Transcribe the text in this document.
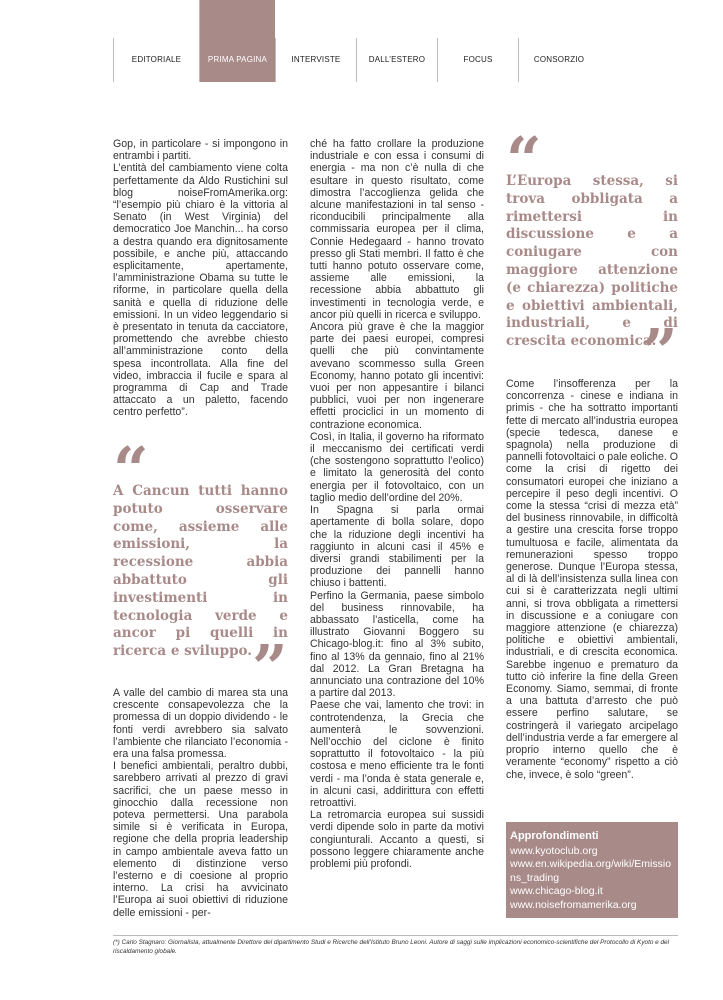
EDITORIALE	PRIMA PAGINA	INTERVISTE	DALL’ESTERO	FOCUS	CONSORZIO

Gop, in particolare - si impongono in entrambi i partiti.

L’entità del cambiamento viene colta perfettamente da Aldo Rustichini sul blog noiseFromAmerika.org: “l’esempio più chiaro è la vittoria al Senato (in West Virginia) del democratico Joe Manchin... ha corso a destra quando era dignitosamente possibile, e anche più, attaccando esplicitamente, apertamente, l’amministrazione Obama su tutte le riforme, in particolare quella della sanità e quella di riduzione delle emissioni. In un video leggendario si è presentato in tenuta da cacciatore, promettendo che avrebbe chiesto all’amministrazione conto della spesa incontrollata. Alla fine del video, imbraccia il fucile e spara al programma di Cap and Trade attaccato a un paletto, facendo centro perfetto”.

“
A Cancun tutti hanno potuto osservare come, assieme alle emissioni, la recessione abbia abbattuto gli investimenti in tecnologia verde e ancor pi quelli in ricerca e sviluppo. ”

A valle del cambio di marea sta una crescente consapevolezza che la promessa di un doppio dividendo - le fonti verdi avrebbero sia salvato l’ambiente che rilanciato l’economia - era una falsa promessa.

I benefici ambientali, peraltro dubbi, sarebbero arrivati al prezzo di gravi sacrifici, che un paese messo in ginocchio dalla recessione non poteva permettersi. Una parabola simile si è verificata in Europa, regione che della propria leadership in campo ambientale aveva fatto un elemento di distinzione verso l’esterno e di coesione al proprio interno. La crisi ha avvicinato l’Europa ai suoi obiettivi di riduzione delle emissioni - per-

ché ha fatto crollare la produzione industriale e con essa i consumi di energia - ma non c’è nulla di che esultare in questo risultato, come dimostra l’accoglienza gelida che alcune manifestazioni in tal senso - riconducibili principalmente alla commissaria europea per il clima, Connie Hedegaard - hanno trovato presso gli Stati membri. Il fatto è che tutti hanno potuto osservare come, assieme alle emissioni, la recessione abbia abbattuto gli investimenti in tecnologia verde, e ancor più quelli in ricerca e sviluppo.

Ancora più grave è che la maggior parte dei paesi europei, compresi quelli che più convintamente avevano scommesso sulla Green Economy, hanno potato gli incentivi: vuoi per non appesantire i bilanci pubblici, vuoi per non ingenerare effetti prociclici in un momento di contrazione economica.

Così, in Italia, il governo ha riformato il meccanismo dei certificati verdi (che sostengono soprattutto l’eolico) e limitato la generosità del conto energia per il fotovoltaico, con un taglio medio dell’ordine del 20%.

In Spagna si parla ormai apertamente di bolla solare, dopo che la riduzione degli incentivi ha raggiunto in alcuni casi il 45% e diversi grandi stabilimenti per la produzione dei pannelli hanno chiuso i battenti.

Perfino la Germania, paese simbolo del business rinnovabile, ha abbassato l’asticella, come ha illustrato Giovanni Boggero su Chicago-blog.it: fino al 3% subito, fino al 13% da gennaio, fino al 21% dal 2012. La Gran Bretagna ha annunciato una contrazione del 10% a partire dal 2013.

Paese che vai, lamento che trovi: in controtendenza, la Grecia che aumenterà le sovvenzioni. Nell’occhio del ciclone è finito soprattutto il fotovoltaico - la più costosa e meno efficiente tra le fonti verdi - ma l’onda è stata generale e, in alcuni casi, addirittura con effetti retroattivi.

La retromarcia europea sui sussidi verdi dipende solo in parte da motivi congiunturali. Accanto a questi, si possono leggere chiaramente anche problemi più profondi.

“
L’Europa stessa, si trova obbligata a rimettersi in discussione e a coniugare con maggiore attenzione (e chiarezza) politiche e obiettivi ambientali, industriali, e di crescita economica.
”

Come l’insofferenza per la concorrenza - cinese e indiana in primis - che ha sottratto importanti fette di mercato all’industria europea (specie tedesca, danese e spagnola) nella produzione di pannelli fotovoltaici o pale eoliche. O come la crisi di rigetto dei consumatori europei che iniziano a percepire il peso degli incentivi. O come la stessa “crisi di mezza età” del business rinnovabile, in difficoltà a gestire una crescita forse troppo tumultuosa e facile, alimentata da remunerazioni spesso troppo generose. Dunque l’Europa stessa, al di là dell’insistenza sulla linea con cui si è caratterizzata negli ultimi anni, si trova obbligata a rimettersi in discussione e a coniugare con maggiore attenzione (e chiarezza) politiche e obiettivi ambientali, industriali, e di crescita economica. Sarebbe ingenuo e prematuro da tutto ciò inferire la fine della Green Economy. Siamo, semmai, di fronte a una battuta d’arresto che può essere perfino salutare, se costringerà il variegato arcipelago dell’industria verde a far emergere al proprio interno quello che è veramente “economy” rispetto a ciò che, invece, è solo “green”.

Approfondimenti
www.kyotoclub.org
www.en.wikipedia.org/wiki/Emissions_trading
www.chicago-blog.it
www.noisefromamerika.org
(*) Carlo Stagnaro: Giornalista, attualmente Direttore del dipartimento Studi e Ricerche dell’Istituto Bruno Leoni. Autore di saggi sulle implicazioni economico-scientifiche del Protocollo di Kyoto e del riscaldamento globale.
